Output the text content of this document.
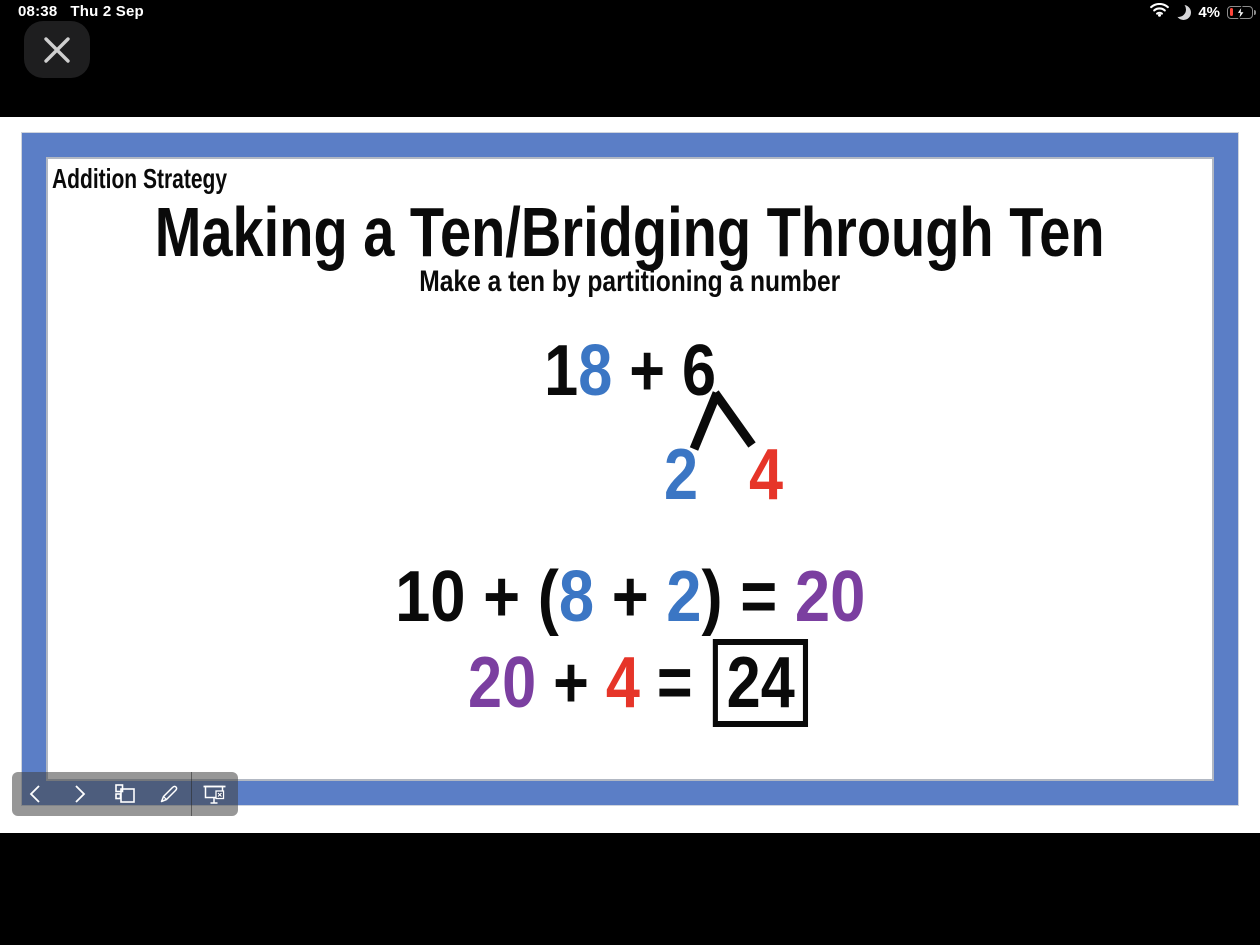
08:38 Thu 2 Sep	4%
Addition Strategy
Making a Ten/Bridging Through Ten
Make a ten by partitioning a number
18 + 6
2 4
10 + (8 + 2) = 20
20 + 4 = 24
